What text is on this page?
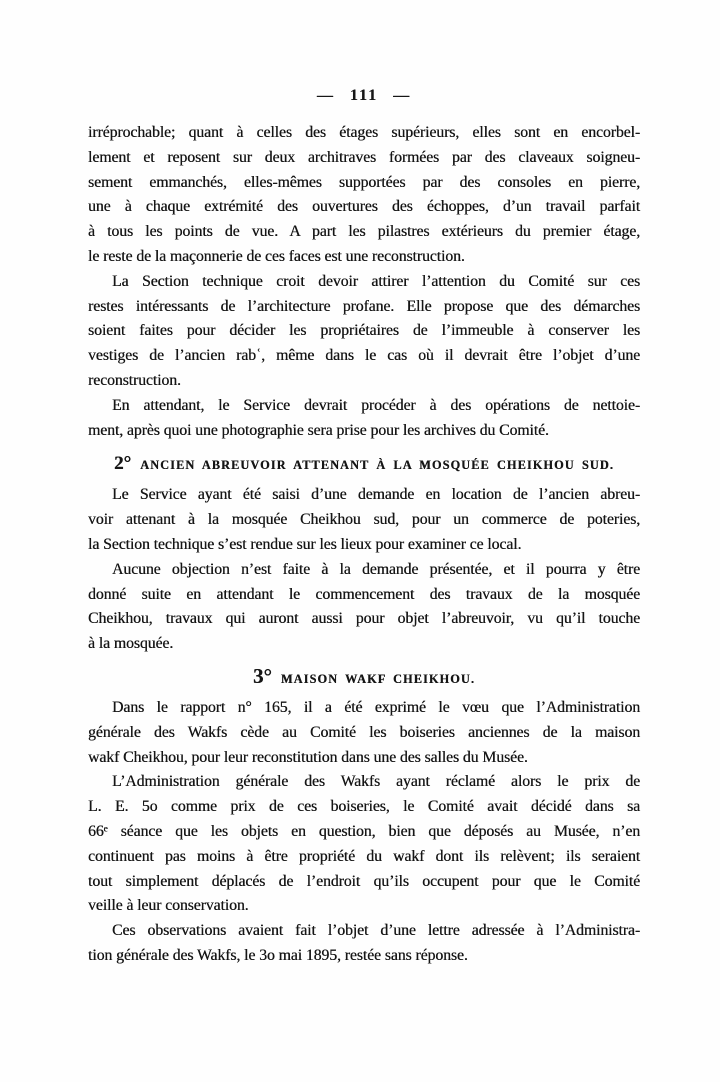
— 111 —
irréprochable; quant à celles des étages supérieurs, elles sont en encorbel-
lement et reposent sur deux architraves formées par des claveaux soigneu-
sement emmanchés, elles-mêmes supportées par des consoles en pierre,
une à chaque extrémité des ouvertures des échoppes, d’un travail parfait
à tous les points de vue. A part les pilastres extérieurs du premier étage,
le reste de la maçonnerie de ces faces est une reconstruction.
La Section technique croit devoir attirer l’attention du Comité sur ces
restes intéressants de l’architecture profane. Elle propose que des démarches
soient faites pour décider les propriétaires de l’immeuble à conserver les
vestiges de l’ancien rabʿ, même dans le cas où il devrait être l’objet d’une
reconstruction.
En attendant, le Service devrait procéder à des opérations de nettoie-
ment, après quoi une photographie sera prise pour les archives du Comité.
2° ANCIEN ABREUVOIR ATTENANT À LA MOSQUÉE CHEIKHOU SUD.
Le Service ayant été saisi d’une demande en location de l’ancien abreu-
voir attenant à la mosquée Cheikhou sud, pour un commerce de poteries,
la Section technique s’est rendue sur les lieux pour examiner ce local.
Aucune objection n’est faite à la demande présentée, et il pourra y être
donné suite en attendant le commencement des travaux de la mosquée
Cheikhou, travaux qui auront aussi pour objet l’abreuvoir, vu qu’il touche
à la mosquée.
3° MAISON WAKF CHEIKHOU.
Dans le rapport n° 165, il a été exprimé le vœu que l’Administration
générale des Wakfs cède au Comité les boiseries anciennes de la maison
wakf Cheikhou, pour leur reconstitution dans une des salles du Musée.
L’Administration générale des Wakfs ayant réclamé alors le prix de
L. E. 5o comme prix de ces boiseries, le Comité avait décidé dans sa
66ᵉ séance que les objets en question, bien que déposés au Musée, n’en
continuent pas moins à être propriété du wakf dont ils relèvent; ils seraient
tout simplement déplacés de l’endroit qu’ils occupent pour que le Comité
veille à leur conservation.
Ces observations avaient fait l’objet d’une lettre adressée à l’Administra-
tion générale des Wakfs, le 3o mai 1895, restée sans réponse.
